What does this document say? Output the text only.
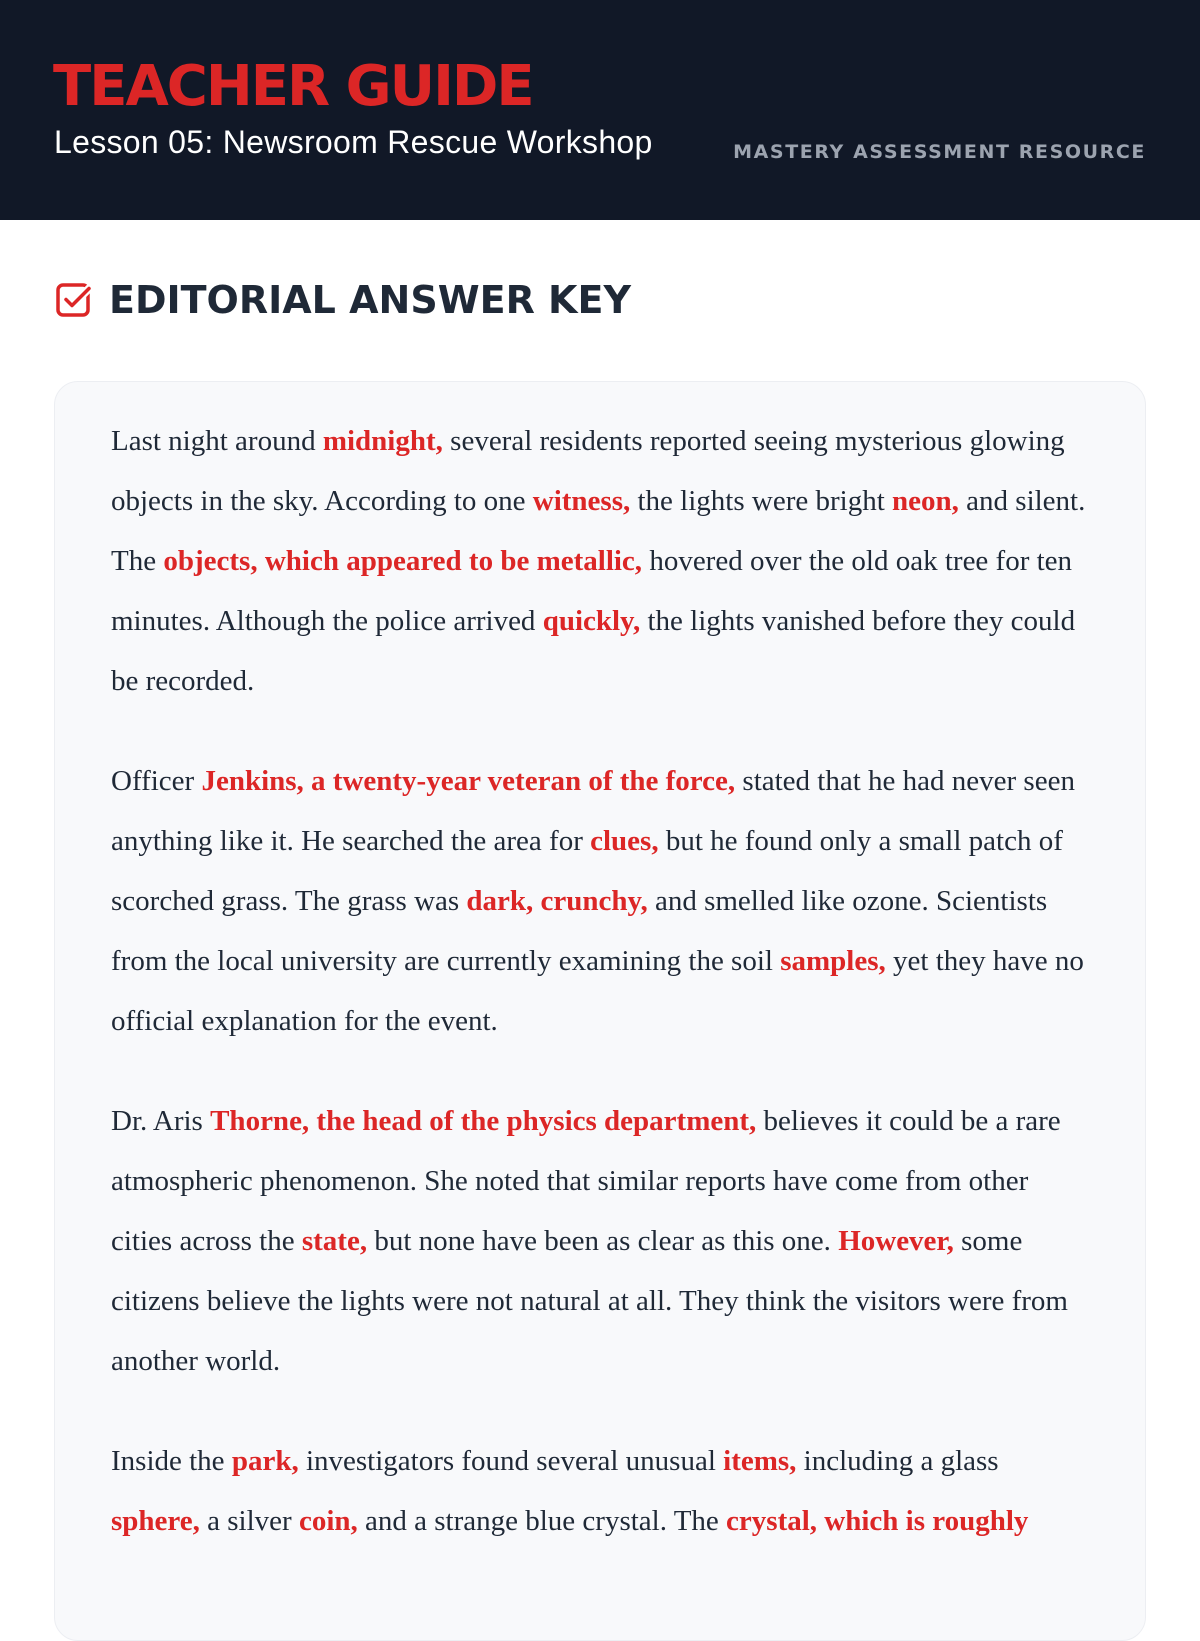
TEACHER GUIDE
Lesson 05: Newsroom Rescue Workshop	MASTERY ASSESSMENT RESOURCE
EDITORIAL ANSWER KEY

Last night around midnight, several residents reported seeing mysterious glowing objects in the sky. According to one witness, the lights were bright neon, and silent. The objects, which appeared to be metallic, hovered over the old oak tree for ten minutes. Although the police arrived quickly, the lights vanished before they could be recorded.

Officer Jenkins, a twenty-year veteran of the force, stated that he had never seen anything like it. He searched the area for clues, but he found only a small patch of scorched grass. The grass was dark, crunchy, and smelled like ozone. Scientists from the local university are currently examining the soil samples, yet they have no official explanation for the event.

Dr. Aris Thorne, the head of the physics department, believes it could be a rare atmospheric phenomenon. She noted that similar reports have come from other cities across the state, but none have been as clear as this one. However, some citizens believe the lights were not natural at all. They think the visitors were from another world.

Inside the park, investigators found several unusual items, including a glass sphere, a silver coin, and a strange blue crystal. The crystal, which is roughly
